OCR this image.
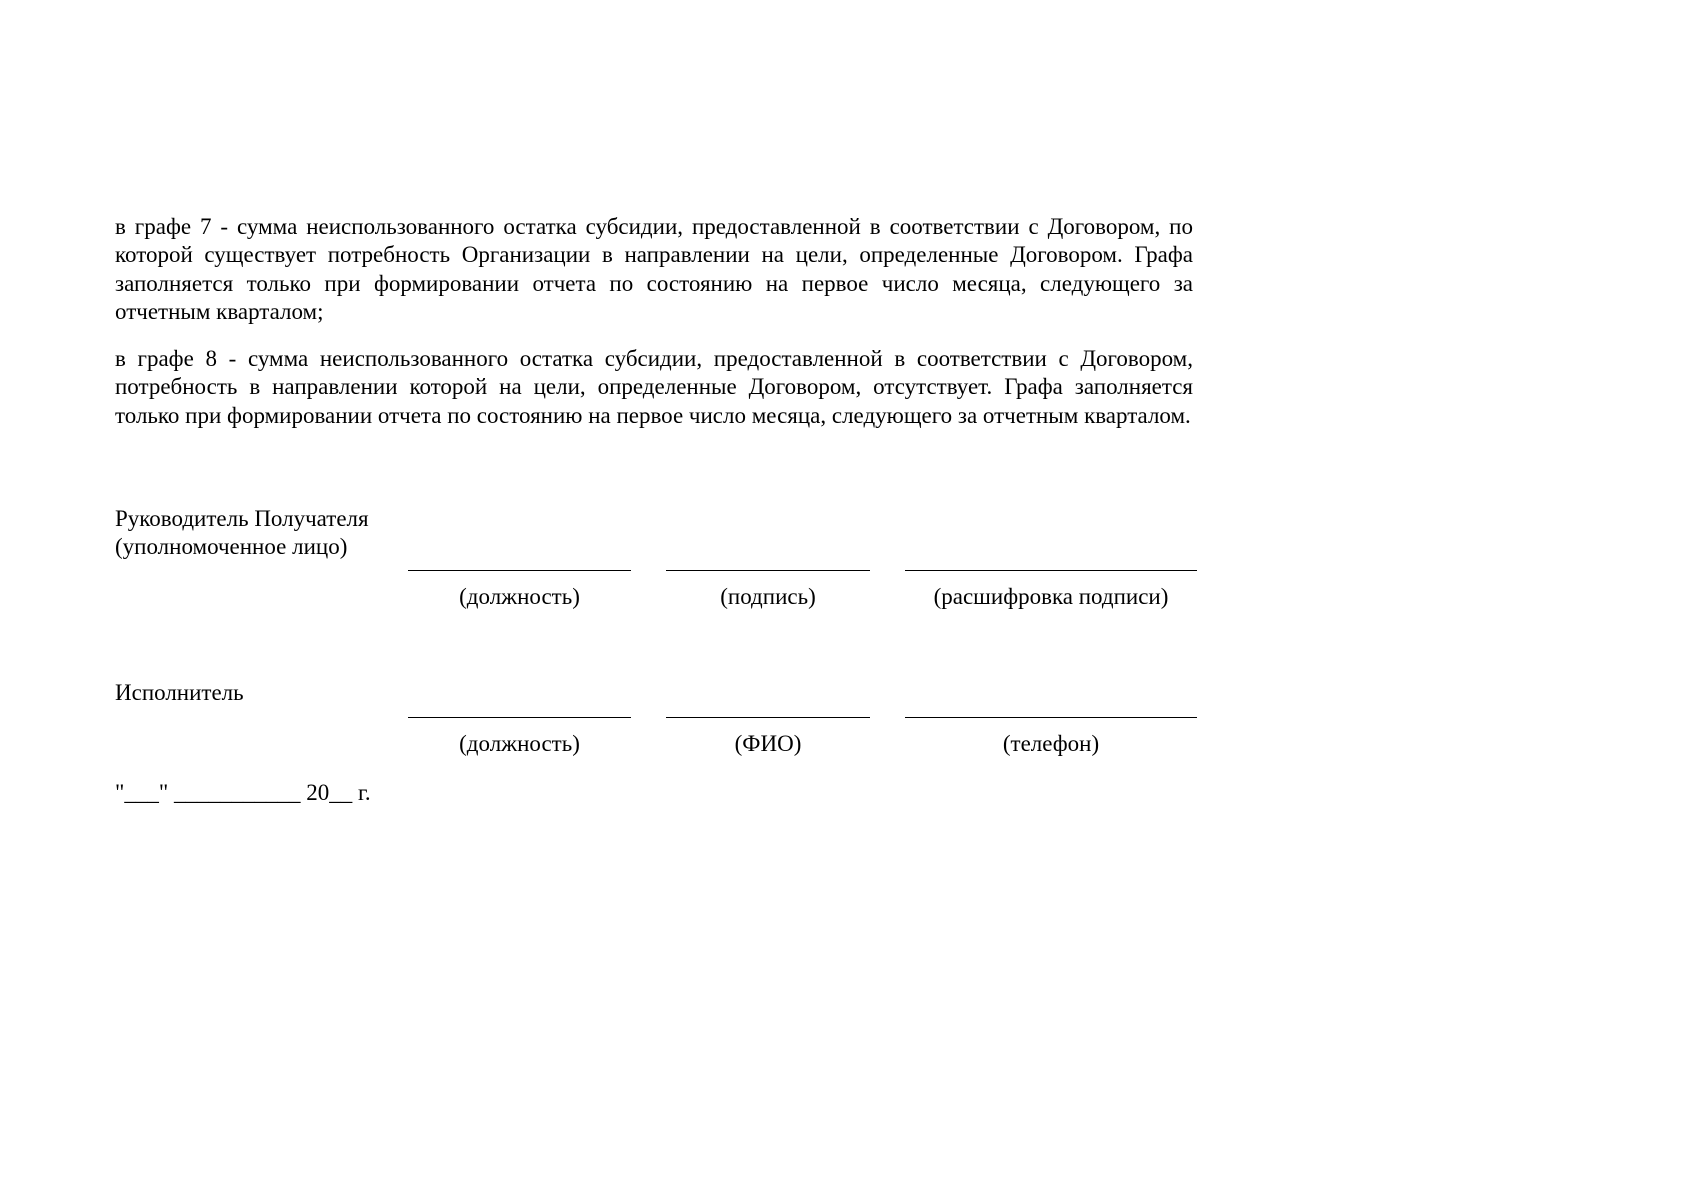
в графе 7 - сумма неиспользованного остатка субсидии, предоставленной в соответствии с Договором, по которой существует потребность Организации в направлении на цели, определенные Договором. Графа заполняется только при формировании отчета по состоянию на первое число месяца, следующего за отчетным кварталом;

в графе 8 - сумма неиспользованного остатка субсидии, предоставленной в соответствии с Договором, потребность в направлении которой на цели, определенные Договором, отсутствует. Графа заполняется только при формировании отчета по состоянию на первое число месяца, следующего за отчетным кварталом.

Руководитель Получателя
(уполномоченное лицо)
(должность)	(подпись)	(расшифровка подписи)
Исполнитель
(должность)	(ФИО)	(телефон)
"___" ___________ 20__ г.
